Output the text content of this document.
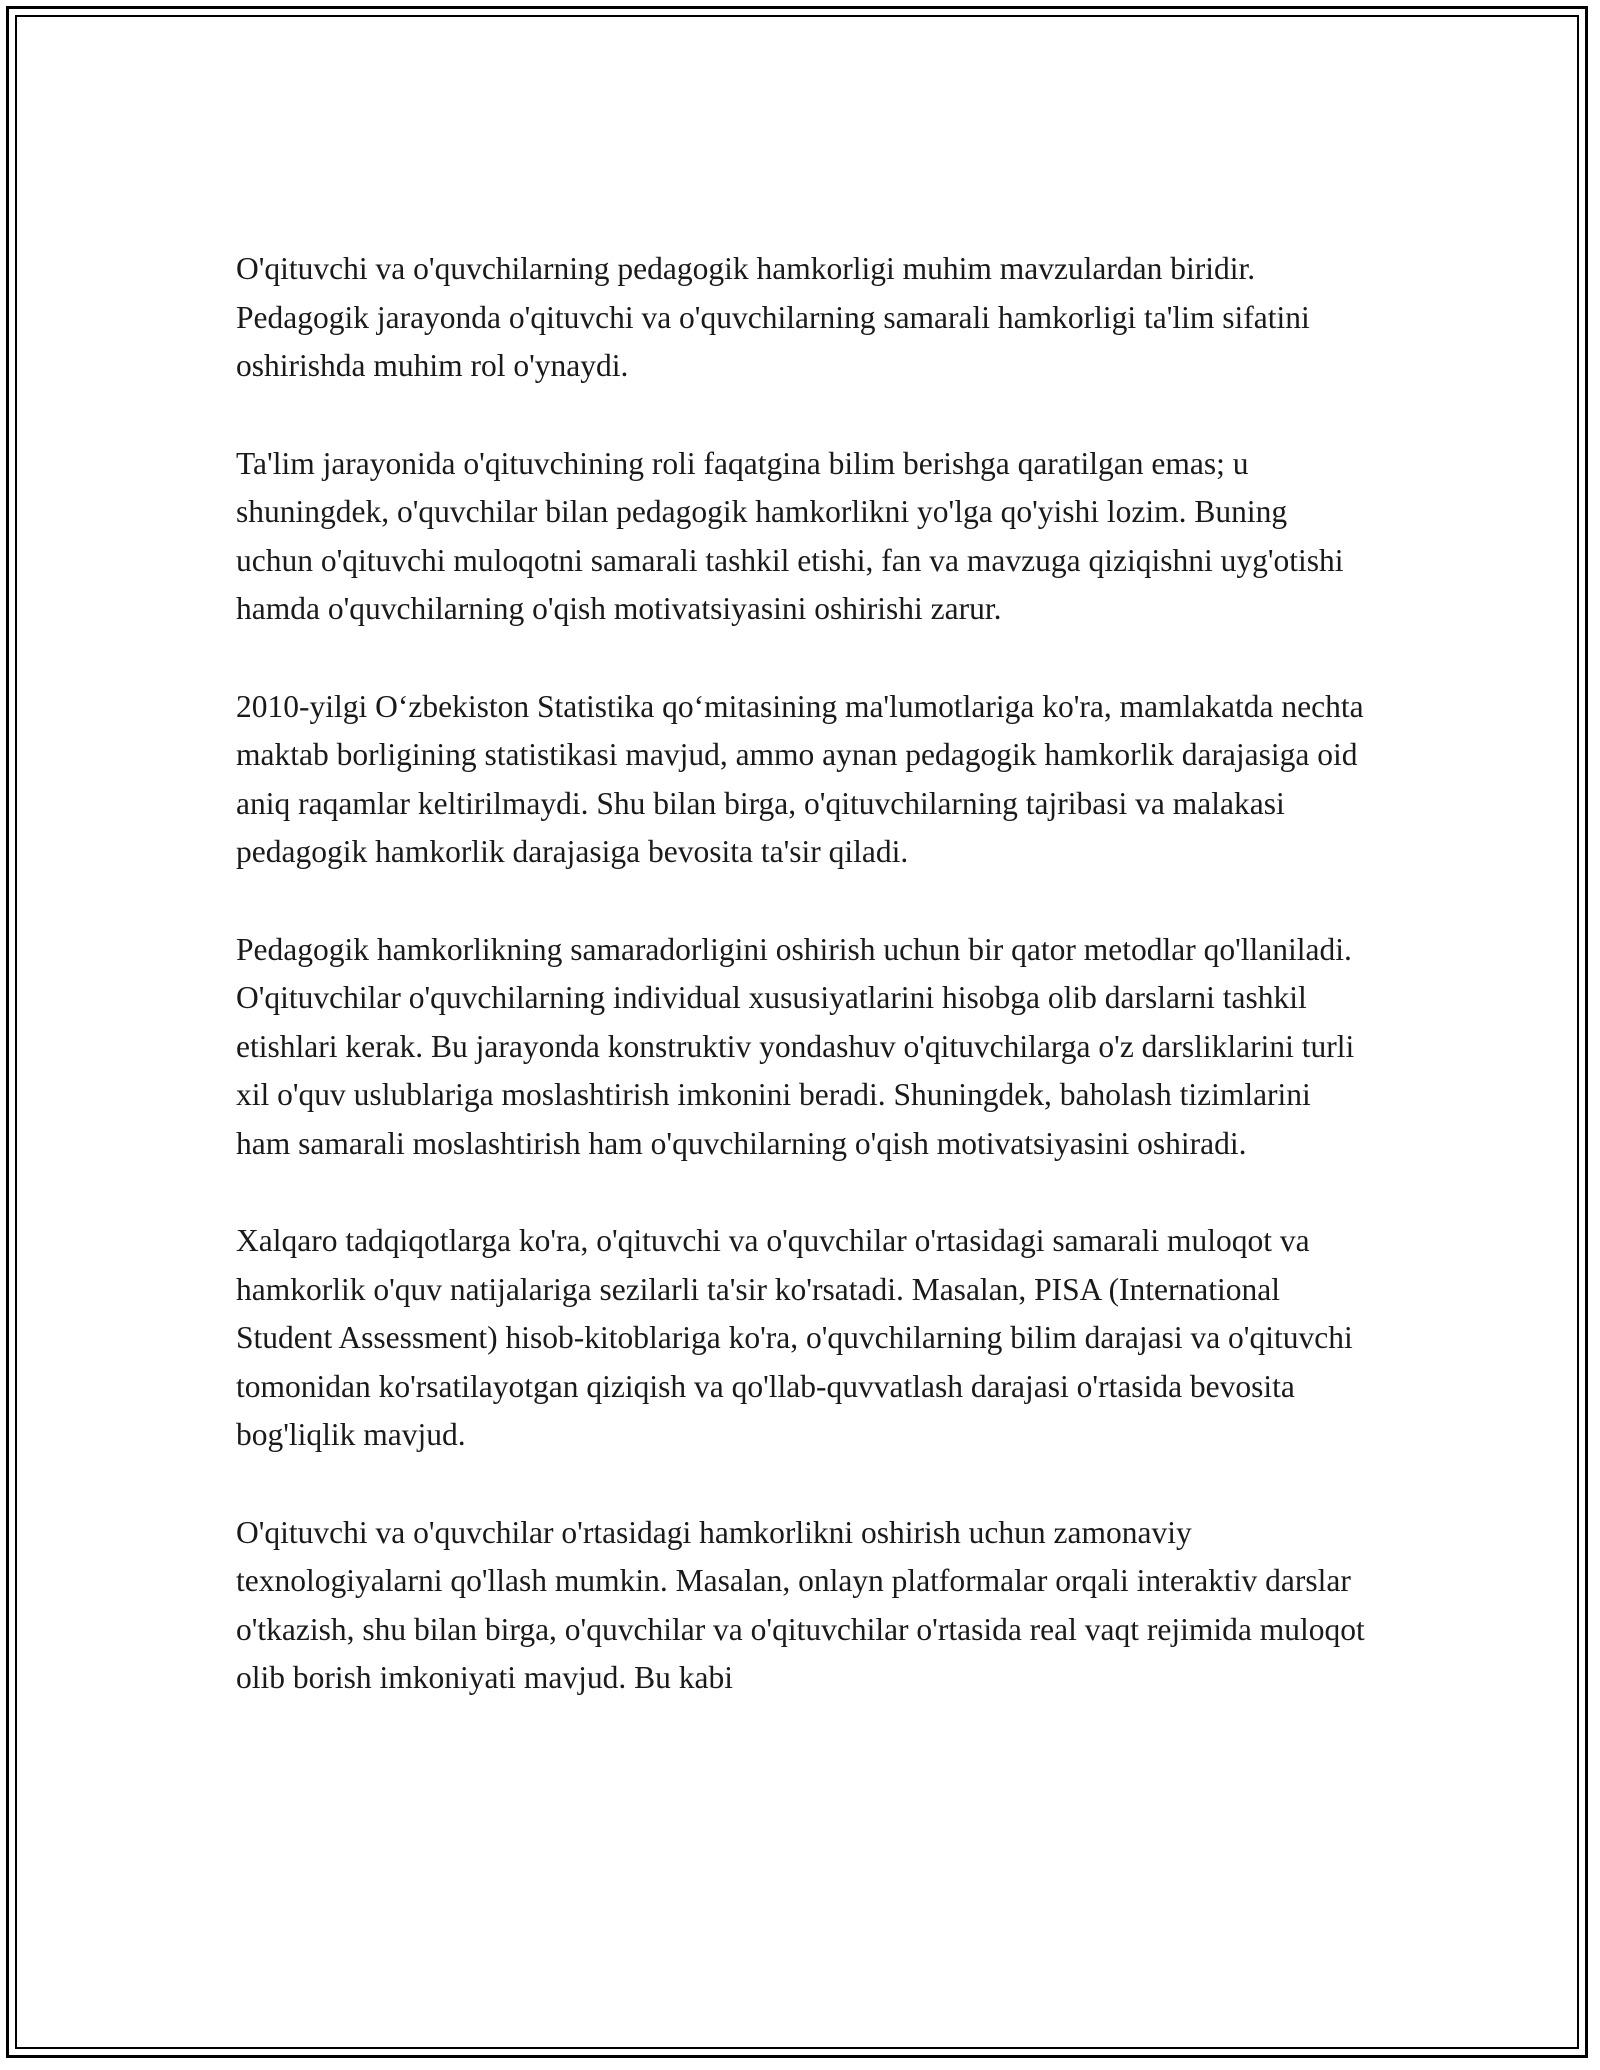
O'qituvchi va o'quvchilarning pedagogik hamkorligi muhim mavzulardan biridir. Pedagogik jarayonda o'qituvchi va o'quvchilarning samarali hamkorligi ta'lim sifatini oshirishda muhim rol o'ynaydi.

Ta'lim jarayonida o'qituvchining roli faqatgina bilim berishga qaratilgan emas; u shuningdek, o'quvchilar bilan pedagogik hamkorlikni yo'lga qo'yishi lozim. Buning uchun o'qituvchi muloqotni samarali tashkil etishi, fan va mavzuga qiziqishni uyg'otishi hamda o'quvchilarning o'qish motivatsiyasini oshirishi zarur.

2010-yilgi O‘zbekiston Statistika qo‘mitasining ma'lumotlariga ko'ra, mamlakatda nechta maktab borligining statistikasi mavjud, ammo aynan pedagogik hamkorlik darajasiga oid aniq raqamlar keltirilmaydi. Shu bilan birga, o'qituvchilarning tajribasi va malakasi pedagogik hamkorlik darajasiga bevosita ta'sir qiladi.

Pedagogik hamkorlikning samaradorligini oshirish uchun bir qator metodlar qo'llaniladi. O'qituvchilar o'quvchilarning individual xususiyatlarini hisobga olib darslarni tashkil etishlari kerak. Bu jarayonda konstruktiv yondashuv o'qituvchilarga o'z darsliklarini turli xil o'quv uslublariga moslashtirish imkonini beradi. Shuningdek, baholash tizimlarini ham samarali moslashtirish ham o'quvchilarning o'qish motivatsiyasini oshiradi.

Xalqaro tadqiqotlarga ko'ra, o'qituvchi va o'quvchilar o'rtasidagi samarali muloqot va hamkorlik o'quv natijalariga sezilarli ta'sir ko'rsatadi. Masalan, PISA (International Student Assessment) hisob-kitoblariga ko'ra, o'quvchilarning bilim darajasi va o'qituvchi tomonidan ko'rsatilayotgan qiziqish va qo'llab-quvvatlash darajasi o'rtasida bevosita bog'liqlik mavjud.

O'qituvchi va o'quvchilar o'rtasidagi hamkorlikni oshirish uchun zamonaviy texnologiyalarni qo'llash mumkin. Masalan, onlayn platformalar orqali interaktiv darslar o'tkazish, shu bilan birga, o'quvchilar va o'qituvchilar o'rtasida real vaqt rejimida muloqot olib borish imkoniyati mavjud. Bu kabi
